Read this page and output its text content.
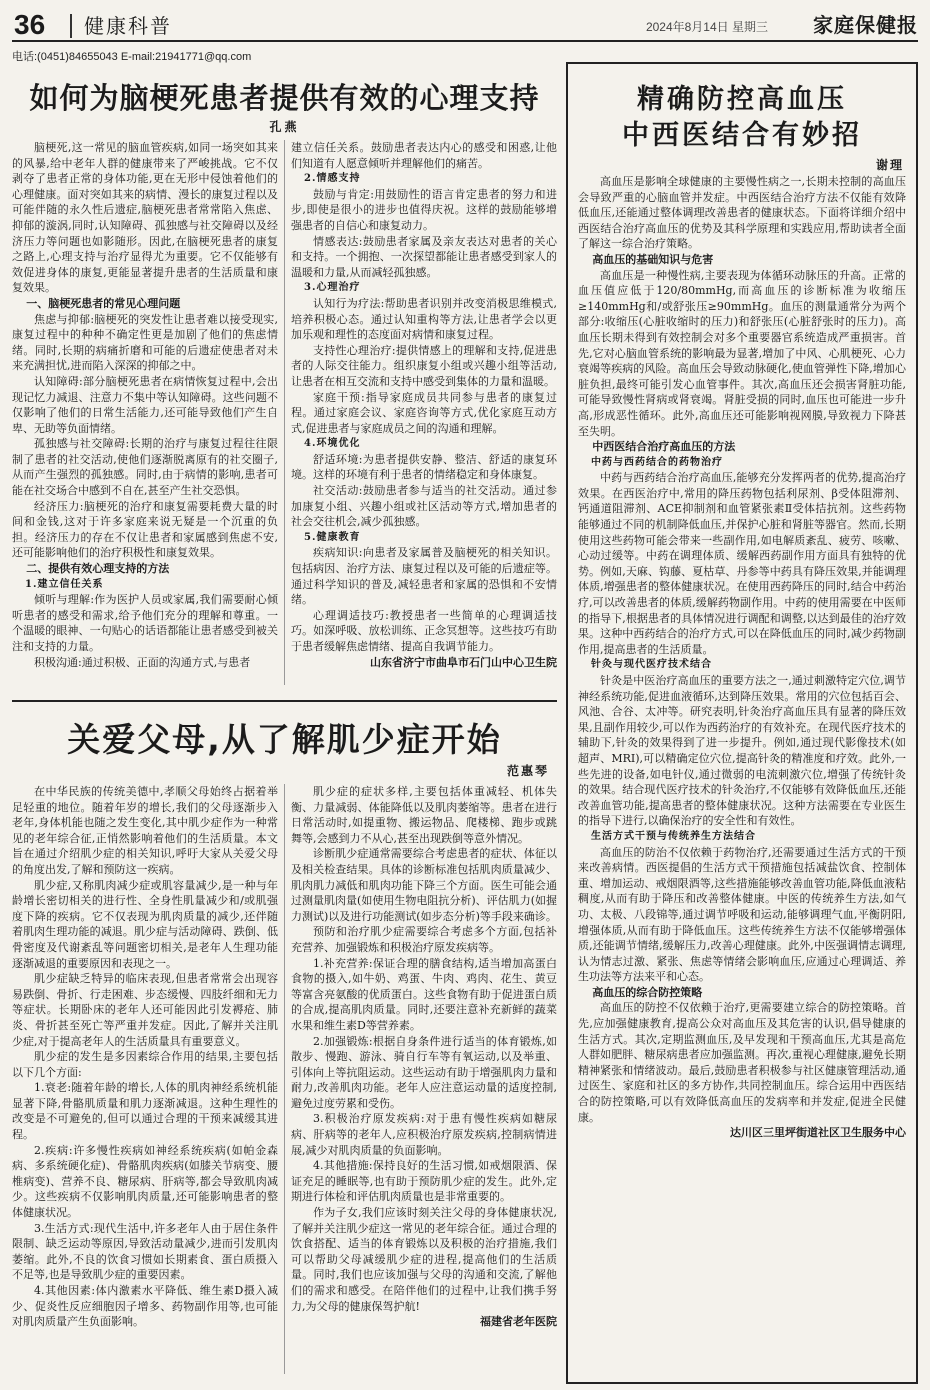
36 健康科普	2024年8月14日 星期三 家庭保健报
电话:(0451)84655043 E-mail:21941771@qq.com
如何为脑梗死患者提供有效的心理支持
孔燕

脑梗死,这一常见的脑血管疾病,如同一场突如其来的风暴,给中老年人群的健康带来了严峻挑战。它不仅剥夺了患者正常的身体功能,更在无形中侵蚀着他们的心理健康。面对突如其来的病情、漫长的康复过程以及可能伴随的永久性后遗症,脑梗死患者常常陷入焦虑、抑郁的漩涡,同时,认知障碍、孤独感与社交障碍以及经济压力等问题也如影随形。因此,在脑梗死患者的康复之路上,心理支持与治疗显得尤为重要。它不仅能够有效促进身体的康复,更能显著提升患者的生活质量和康复效果。

一、脑梗死患者的常见心理问题

焦虑与抑郁:脑梗死的突发性让患者难以接受现实,康复过程中的种种不确定性更是加剧了他们的焦虑情绪。同时,长期的病痛折磨和可能的后遗症使患者对未来充满担忧,进而陷入深深的抑郁之中。

认知障碍:部分脑梗死患者在病情恢复过程中,会出现记忆力减退、注意力不集中等认知障碍。这些问题不仅影响了他们的日常生活能力,还可能导致他们产生自卑、无助等负面情绪。

孤独感与社交障碍:长期的治疗与康复过程往往限制了患者的社交活动,使他们逐渐脱离原有的社交圈子,从而产生强烈的孤独感。同时,由于病情的影响,患者可能在社交场合中感到不自在,甚至产生社交恐惧。

经济压力:脑梗死的治疗和康复需要耗费大量的时间和金钱,这对于许多家庭来说无疑是一个沉重的负担。经济压力的存在不仅让患者和家属感到焦虑不安,还可能影响他们的治疗积极性和康复效果。

二、提供有效心理支持的方法
1.建立信任关系

倾听与理解:作为医护人员或家属,我们需要耐心倾听患者的感受和需求,给予他们充分的理解和尊重。一个温暖的眼神、一句贴心的话语都能让患者感受到被关注和支持的力量。

积极沟通:通过积极、正面的沟通方式,与患者

建立信任关系。鼓励患者表达内心的感受和困惑,让他们知道有人愿意倾听并理解他们的痛苦。

2.情感支持

鼓励与肯定:用鼓励性的语言肯定患者的努力和进步,即使是很小的进步也值得庆祝。这样的鼓励能够增强患者的自信心和康复动力。

情感表达:鼓励患者家属及亲友表达对患者的关心和支持。一个拥抱、一次探望都能让患者感受到家人的温暖和力量,从而减轻孤独感。

3.心理治疗

认知行为疗法:帮助患者识别并改变消极思维模式,培养积极心态。通过认知重构等方法,让患者学会以更加乐观和理性的态度面对病情和康复过程。

支持性心理治疗:提供情感上的理解和支持,促进患者的人际交往能力。组织康复小组或兴趣小组等活动,让患者在相互交流和支持中感受到集体的力量和温暖。

家庭干预:指导家庭成员共同参与患者的康复过程。通过家庭会议、家庭咨询等方式,优化家庭互动方式,促进患者与家庭成员之间的沟通和理解。

4.环境优化

舒适环境:为患者提供安静、整洁、舒适的康复环境。这样的环境有利于患者的情绪稳定和身体康复。

社交活动:鼓励患者参与适当的社交活动。通过参加康复小组、兴趣小组或社区活动等方式,增加患者的社会交往机会,减少孤独感。

5.健康教育

疾病知识:向患者及家属普及脑梗死的相关知识。包括病因、治疗方法、康复过程以及可能的后遗症等。通过科学知识的普及,减轻患者和家属的恐惧和不安情绪。

心理调适技巧:教授患者一些简单的心理调适技巧。如深呼吸、放松训练、正念冥想等。这些技巧有助于患者缓解焦虑情绪、提高自我调节能力。

山东省济宁市曲阜市石门山中心卫生院
关爱父母,从了解肌少症开始
范惠琴

在中华民族的传统美德中,孝顺父母始终占据着举足轻重的地位。随着年岁的增长,我们的父母逐渐步入老年,身体机能也随之发生变化,其中肌少症作为一种常见的老年综合征,正悄然影响着他们的生活质量。本文旨在通过介绍肌少症的相关知识,呼吁大家从关爱父母的角度出发,了解和预防这一疾病。

肌少症,又称肌肉减少症或肌容量减少,是一种与年龄增长密切相关的进行性、全身性肌量减少和/或肌强度下降的疾病。它不仅表现为肌肉质量的减少,还伴随着肌肉生理功能的减退。肌少症与活动障碍、跌倒、低骨密度及代谢紊乱等问题密切相关,是老年人生理功能逐渐减退的重要原因和表现之一。

肌少症缺乏特异的临床表现,但患者常常会出现容易跌倒、骨折、行走困难、步态缓慢、四肢纤细和无力等症状。长期卧床的老年人还可能因此引发褥疮、肺炎、骨折甚至死亡等严重并发症。因此,了解并关注肌少症,对于提高老年人的生活质量具有重要意义。

肌少症的发生是多因素综合作用的结果,主要包括以下几个方面:

1.衰老:随着年龄的增长,人体的肌肉神经系统机能显著下降,骨骼肌质量和肌力逐渐减退。这种生理性的改变是不可避免的,但可以通过合理的干预来减缓其进程。

2.疾病:许多慢性疾病如神经系统疾病(如帕金森病、多系统硬化症)、骨骼肌肉疾病(如膝关节病变、腰椎病变)、营养不良、糖尿病、肝病等,都会导致肌肉减少。这些疾病不仅影响肌肉质量,还可能影响患者的整体健康状况。

3.生活方式:现代生活中,许多老年人由于居住条件限制、缺乏运动等原因,导致活动量减少,进而引发肌肉萎缩。此外,不良的饮食习惯如长期素食、蛋白质摄入不足等,也是导致肌少症的重要因素。

4.其他因素:体内激素水平降低、维生素D摄入减少、促炎性反应细胞因子增多、药物副作用等,也可能对肌肉质量产生负面影响。

肌少症的症状多样,主要包括体重减轻、机体失衡、力量减弱、体能降低以及肌肉萎缩等。患者在进行日常活动时,如提重物、搬运物品、爬楼梯、跑步或跳舞等,会感到力不从心,甚至出现跌倒等意外情况。

诊断肌少症通常需要综合考虑患者的症状、体征以及相关检查结果。具体的诊断标准包括肌肉质量减少、肌肉肌力减低和肌肉功能下降三个方面。医生可能会通过测量肌肉量(如使用生物电阻抗分析)、评估肌力(如握力测试)以及进行功能测试(如步态分析)等手段来确诊。

预防和治疗肌少症需要综合考虑多个方面,包括补充营养、加强锻炼和积极治疗原发疾病等。

1.补充营养:保证合理的膳食结构,适当增加高蛋白食物的摄入,如牛奶、鸡蛋、牛肉、鸡肉、花生、黄豆等富含亮氨酸的优质蛋白。这些食物有助于促进蛋白质的合成,提高肌肉质量。同时,还要注意补充新鲜的蔬菜水果和维生素D等营养素。

2.加强锻炼:根据自身条件进行适当的体育锻炼,如散步、慢跑、游泳、骑自行车等有氧运动,以及举重、引体向上等抗阻运动。这些运动有助于增强肌肉力量和耐力,改善肌肉功能。老年人应注意运动量的适度控制,避免过度劳累和受伤。

3.积极治疗原发疾病:对于患有慢性疾病如糖尿病、肝病等的老年人,应积极治疗原发疾病,控制病情进展,减少对肌肉质量的负面影响。

4.其他措施:保持良好的生活习惯,如戒烟限酒、保证充足的睡眠等,也有助于预防肌少症的发生。此外,定期进行体检和评估肌肉质量也是非常重要的。

作为子女,我们应该时刻关注父母的身体健康状况,了解并关注肌少症这一常见的老年综合征。通过合理的饮食搭配、适当的体育锻炼以及积极的治疗措施,我们可以帮助父母减缓肌少症的进程,提高他们的生活质量。同时,我们也应该加强与父母的沟通和交流,了解他们的需求和感受。在陪伴他们的过程中,让我们携手努力,为父母的健康保驾护航!

福建省老年医院
精确防控高血压
中西医结合有妙招
谢理

高血压是影响全球健康的主要慢性病之一,长期未控制的高血压会导致严重的心脑血管并发症。中西医结合治疗方法不仅能有效降低血压,还能通过整体调理改善患者的健康状态。下面将详细介绍中西医结合治疗高血压的优势及其科学原理和实践应用,帮助读者全面了解这一综合治疗策略。

高血压的基础知识与危害

高血压是一种慢性病,主要表现为体循环动脉压的升高。正常的血压值应低于120/80mmHg,而高血压的诊断标准为收缩压≥140mmHg和/或舒张压≥90mmHg。血压的测量通常分为两个部分:收缩压(心脏收缩时的压力)和舒张压(心脏舒张时的压力)。高血压长期未得到有效控制会对多个重要器官系统造成严重损害。首先,它对心脑血管系统的影响最为显著,增加了中风、心肌梗死、心力衰竭等疾病的风险。高血压会导致动脉硬化,使血管弹性下降,增加心脏负担,最终可能引发心血管事件。其次,高血压还会损害肾脏功能,可能导致慢性肾病或肾衰竭。肾脏受损的同时,血压也可能进一步升高,形成恶性循环。此外,高血压还可能影响视网膜,导致视力下降甚至失明。

中西医结合治疗高血压的方法
中药与西药结合的药物治疗

中药与西药结合治疗高血压,能够充分发挥两者的优势,提高治疗效果。在西医治疗中,常用的降压药物包括利尿剂、β受体阻滞剂、钙通道阻滞剂、ACE抑制剂和血管紧张素Ⅱ受体拮抗剂。这些药物能够通过不同的机制降低血压,并保护心脏和肾脏等器官。然而,长期使用这些药物可能会带来一些副作用,如电解质紊乱、疲劳、咳嗽、心动过缓等。中药在调理体质、缓解西药副作用方面具有独特的优势。例如,天麻、钩藤、夏枯草、丹参等中药具有降压效果,并能调理体质,增强患者的整体健康状况。在使用西药降压的同时,结合中药治疗,可以改善患者的体质,缓解药物副作用。中药的使用需要在中医师的指导下,根据患者的具体情况进行调配和调整,以达到最佳的治疗效果。这种中西药结合的治疗方式,可以在降低血压的同时,减少药物副作用,提高患者的生活质量。

针灸与现代医疗技术结合

针灸是中医治疗高血压的重要方法之一,通过刺激特定穴位,调节神经系统功能,促进血液循环,达到降压效果。常用的穴位包括百会、风池、合谷、太冲等。研究表明,针灸治疗高血压具有显著的降压效果,且副作用较少,可以作为西药治疗的有效补充。在现代医疗技术的辅助下,针灸的效果得到了进一步提升。例如,通过现代影像技术(如超声、MRI),可以精确定位穴位,提高针灸的精准度和疗效。此外,一些先进的设备,如电针仪,通过微弱的电流刺激穴位,增强了传统针灸的效果。结合现代医疗技术的针灸治疗,不仅能够有效降低血压,还能改善血管功能,提高患者的整体健康状况。这种方法需要在专业医生的指导下进行,以确保治疗的安全性和有效性。

生活方式干预与传统养生方法结合

高血压的防治不仅依赖于药物治疗,还需要通过生活方式的干预来改善病情。西医提倡的生活方式干预措施包括减盐饮食、控制体重、增加运动、戒烟限酒等,这些措施能够改善血管功能,降低血液粘稠度,从而有助于降压和改善整体健康。中医的传统养生方法,如气功、太极、八段锦等,通过调节呼吸和运动,能够调理气血,平衡阴阳,增强体质,从而有助于降低血压。这些传统养生方法不仅能够增强体质,还能调节情绪,缓解压力,改善心理健康。此外,中医强调情志调理,认为情志过激、紧张、焦虑等情绪会影响血压,应通过心理调适、养生功法等方法来平和心态。

高血压的综合防控策略

高血压的防控不仅依赖于治疗,更需要建立综合的防控策略。首先,应加强健康教育,提高公众对高血压及其危害的认识,倡导健康的生活方式。其次,定期监测血压,及早发现和干预高血压,尤其是高危人群如肥胖、糖尿病患者应加强监测。再次,重视心理健康,避免长期精神紧张和情绪波动。最后,鼓励患者积极参与社区健康管理活动,通过医生、家庭和社区的多方协作,共同控制血压。综合运用中西医结合的防控策略,可以有效降低高血压的发病率和并发症,促进全民健康。

达川区三里坪街道社区卫生服务中心
